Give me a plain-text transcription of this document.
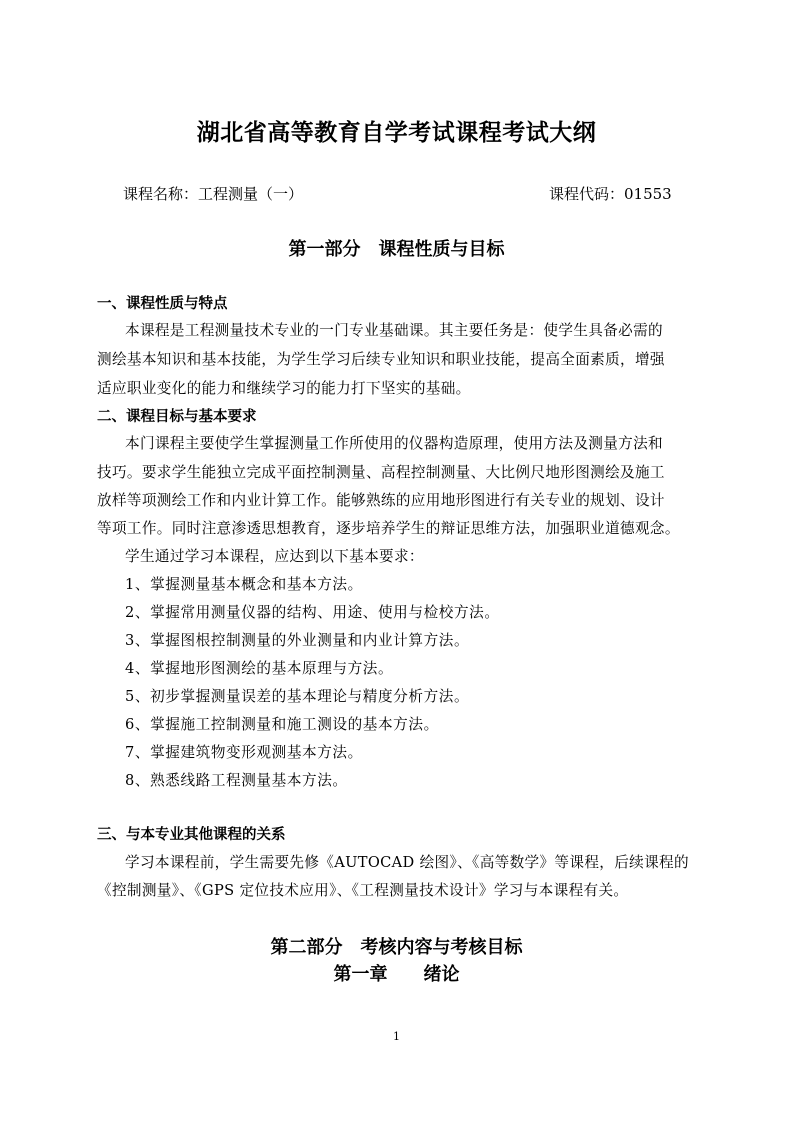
湖北省高等教育自学考试课程考试大纲
课程名称：工程测量（一）	课程代码：01553
第一部分　课程性质与目标
一、课程性质与特点
本课程是工程测量技术专业的一门专业基础课。其主要任务是：使学生具备必需的
测绘基本知识和基本技能，为学生学习后续专业知识和职业技能，提高全面素质，增强
适应职业变化的能力和继续学习的能力打下坚实的基础。
二、课程目标与基本要求
本门课程主要使学生掌握测量工作所使用的仪器构造原理，使用方法及测量方法和
技巧。要求学生能独立完成平面控制测量、高程控制测量、大比例尺地形图测绘及施工
放样等项测绘工作和内业计算工作。能够熟练的应用地形图进行有关专业的规划、设计
等项工作。同时注意渗透思想教育，逐步培养学生的辩证思维方法，加强职业道德观念。
学生通过学习本课程，应达到以下基本要求：
1、掌握测量基本概念和基本方法。
2、掌握常用测量仪器的结构、用途、使用与检校方法。
3、掌握图根控制测量的外业测量和内业计算方法。
4、掌握地形图测绘的基本原理与方法。
5、初步掌握测量误差的基本理论与精度分析方法。
6、掌握施工控制测量和施工测设的基本方法。
7、掌握建筑物变形观测基本方法。
8、熟悉线路工程测量基本方法。
三、与本专业其他课程的关系
学习本课程前，学生需要先修《AUTOCAD 绘图》、《高等数学》等课程，后续课程的
《控制测量》、《GPS 定位技术应用》、《工程测量技术设计》学习与本课程有关。
第二部分　考核内容与考核目标
第一章　　绪论
1
